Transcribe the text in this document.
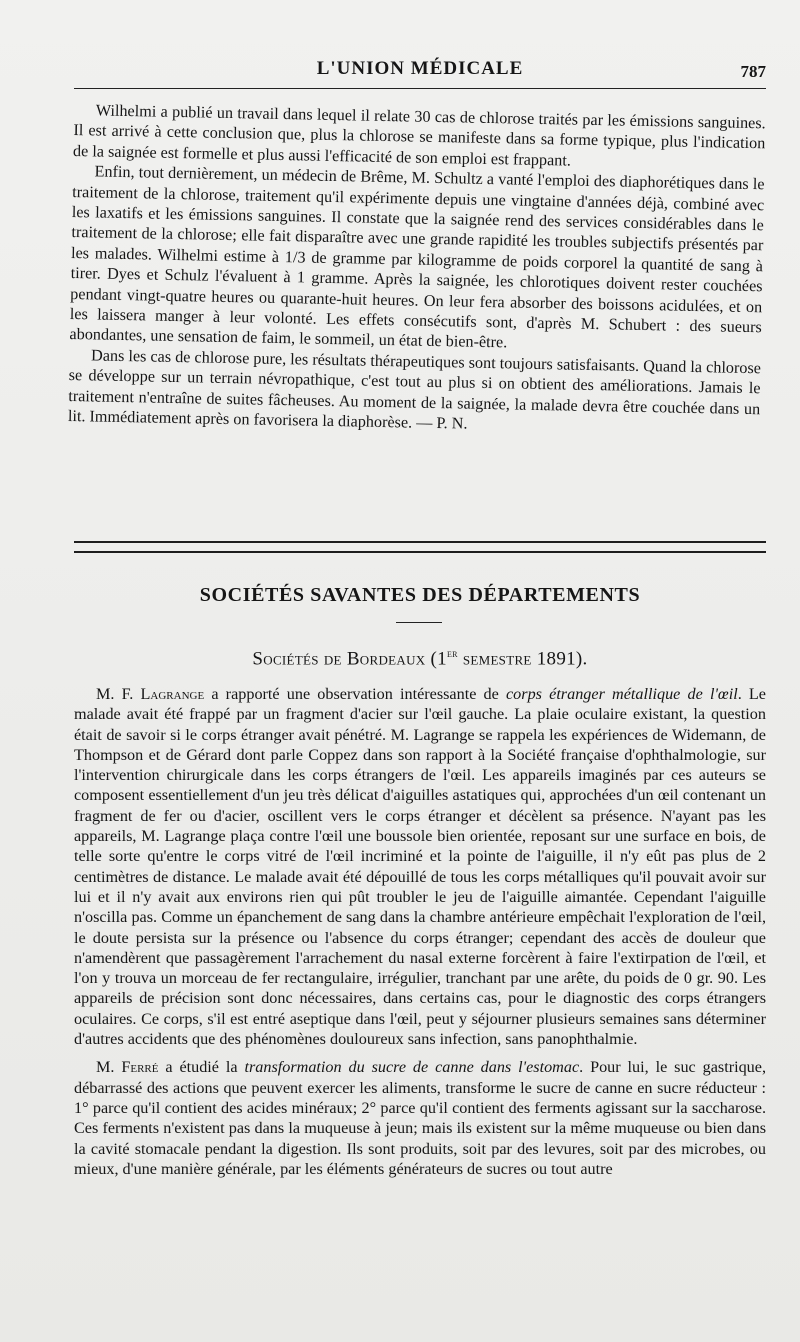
L'UNION MÉDICALE	787

Wilhelmi a publié un travail dans lequel il relate 30 cas de chlorose traités par les émissions sanguines. Il est arrivé à cette conclusion que, plus la chlorose se manifeste dans sa forme typique, plus l'indication de la saignée est formelle et plus aussi l'efficacité de son emploi est frappant.

Enfin, tout dernièrement, un médecin de Brême, M. Schultz a vanté l'emploi des diaphorétiques dans le traitement de la chlorose, traitement qu'il expérimente depuis une vingtaine d'années déjà, combiné avec les laxatifs et les émissions sanguines. Il constate que la saignée rend des services considérables dans le traitement de la chlorose; elle fait disparaître avec une grande rapidité les troubles subjectifs présentés par les malades. Wilhelmi estime à 1/3 de gramme par kilogramme de poids corporel la quantité de sang à tirer. Dyes et Schulz l'évaluent à 1 gramme. Après la saignée, les chlorotiques doivent rester couchées pendant vingt-quatre heures ou quarante-huit heures. On leur fera absorber des boissons acidulées, et on les laissera manger à leur volonté. Les effets consécutifs sont, d'après M. Schubert : des sueurs abondantes, une sensation de faim, le sommeil, un état de bien-être.

Dans les cas de chlorose pure, les résultats thérapeutiques sont toujours satisfaisants. Quand la chlorose se développe sur un terrain névropathique, c'est tout au plus si on obtient des améliorations. Jamais le traitement n'entraîne de suites fâcheuses. Au moment de la saignée, la malade devra être couchée dans un lit. Immédiatement après on favorisera la diaphorèse. — P. N.

SOCIÉTÉS SAVANTES DES DÉPARTEMENTS
Sociétés de Bordeaux (1er semestre 1891).

M. F. Lagrange a rapporté une observation intéressante de corps étranger métallique de l'œil. Le malade avait été frappé par un fragment d'acier sur l'œil gauche. La plaie oculaire existant, la question était de savoir si le corps étranger avait pénétré. M. Lagrange se rappela les expériences de Widemann, de Thompson et de Gérard dont parle Coppez dans son rapport à la Société française d'ophthalmologie, sur l'intervention chirurgicale dans les corps étrangers de l'œil. Les appareils imaginés par ces auteurs se composent essentiellement d'un jeu très délicat d'aiguilles astatiques qui, approchées d'un œil contenant un fragment de fer ou d'acier, oscillent vers le corps étranger et décèlent sa présence. N'ayant pas les appareils, M. Lagrange plaça contre l'œil une boussole bien orientée, reposant sur une surface en bois, de telle sorte qu'entre le corps vitré de l'œil incriminé et la pointe de l'aiguille, il n'y eût pas plus de 2 centimètres de distance. Le malade avait été dépouillé de tous les corps métalliques qu'il pouvait avoir sur lui et il n'y avait aux environs rien qui pût troubler le jeu de l'aiguille aimantée. Cependant l'aiguille n'oscilla pas. Comme un épanchement de sang dans la chambre antérieure empêchait l'exploration de l'œil, le doute persista sur la présence ou l'absence du corps étranger; cependant des accès de douleur que n'amendèrent que passagèrement l'arrachement du nasal externe forcèrent à faire l'extirpation de l'œil, et l'on y trouva un morceau de fer rectangulaire, irrégulier, tranchant par une arête, du poids de 0 gr. 90. Les appareils de précision sont donc nécessaires, dans certains cas, pour le diagnostic des corps étrangers oculaires. Ce corps, s'il est entré aseptique dans l'œil, peut y séjourner plusieurs semaines sans déterminer d'autres accidents que des phénomènes douloureux sans infection, sans panophthalmie.

M. Ferré a étudié la transformation du sucre de canne dans l'estomac. Pour lui, le suc gastrique, débarrassé des actions que peuvent exercer les aliments, transforme le sucre de canne en sucre réducteur : 1° parce qu'il contient des acides minéraux; 2° parce qu'il contient des ferments agissant sur la saccharose. Ces ferments n'existent pas dans la muqueuse à jeun; mais ils existent sur la même muqueuse ou bien dans la cavité stomacale pendant la digestion. Ils sont produits, soit par des levures, soit par des microbes, ou mieux, d'une manière générale, par les éléments générateurs de sucres ou tout autre
